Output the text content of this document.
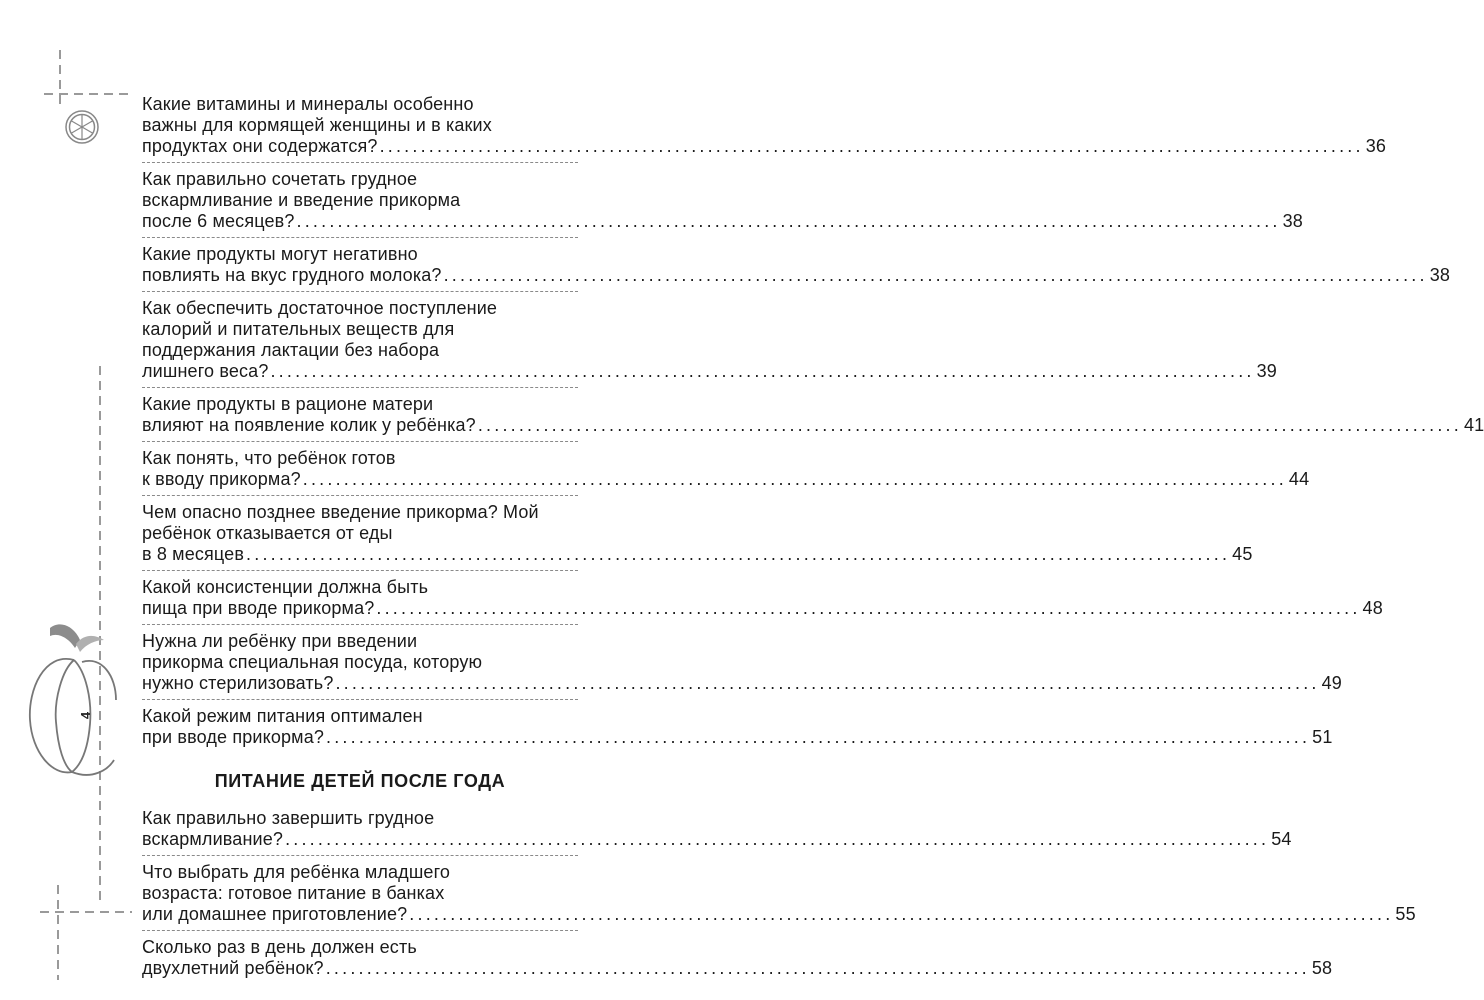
4
Какие витамины и минералы особенно
важны для кормящей женщины и в каких
продуктах они содержатся? ........................................................................................................................ 36
Как правильно сочетать грудное
вскармливание и введение прикорма
после 6 месяцев? ........................................................................................................................ 38
Какие продукты могут негативно
повлиять на вкус грудного молока? ........................................................................................................................ 38
Как обеспечить достаточное поступление
калорий и питательных веществ для
поддержания лактации без набора
лишнего веса? ........................................................................................................................ 39
Какие продукты в рационе матери
влияют на появление колик у ребёнка? ........................................................................................................................ 41
Как понять, что ребёнок готов
к вводу прикорма? ........................................................................................................................ 44
Чем опасно позднее введение прикорма? Мой
ребёнок отказывается от еды
в 8 месяцев ........................................................................................................................ 45
Какой консистенции должна быть
пища при вводе прикорма? ........................................................................................................................ 48
Нужна ли ребёнку при введении
прикорма специальная посуда, которую
нужно стерилизовать? ........................................................................................................................ 49
Какой режим питания оптимален
при вводе прикорма? ........................................................................................................................ 51
ПИТАНИЕ ДЕТЕЙ ПОСЛЕ ГОДА
Как правильно завершить грудное
вскармливание? ........................................................................................................................ 54
Что выбрать для ребёнка младшего
возраста: готовое питание в банках
или домашнее приготовление? ........................................................................................................................ 55
Сколько раз в день должен есть
двухлетний ребёнок? ........................................................................................................................ 58
